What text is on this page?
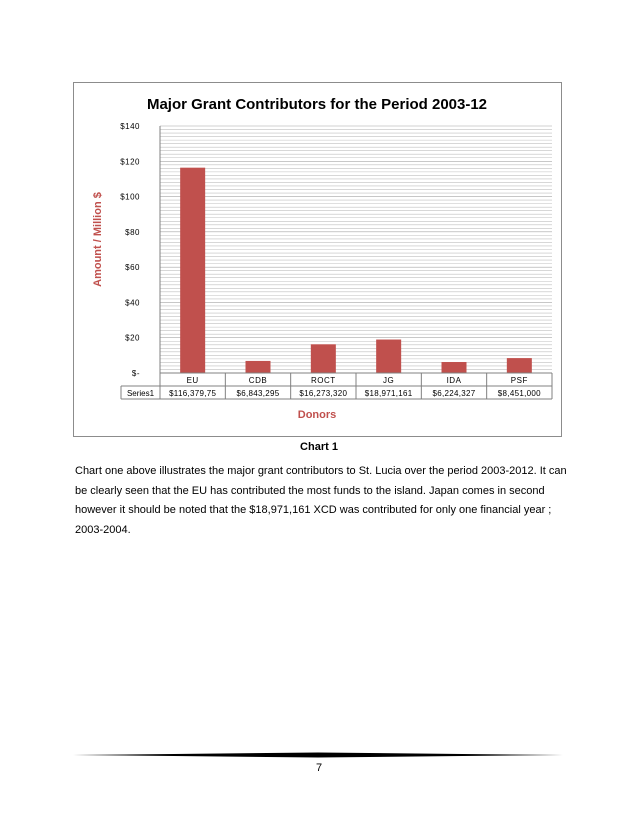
Major Grant Contributors for the Period 2003-12
$-
$20
$40
$60
$80
$100
$120
$140
Amount / Million $
EU	CDB	ROCT	JG	IDA	PSF
Series1 $116,379,75	$6,843,295 $16,273,320 $18,971,161 $6,224,327	$8,451,000
Donors
Chart 1

Chart one above illustrates the major grant contributors to St. Lucia over the period 2003-2012. It can be clearly seen that the EU has contributed the most funds to the island. Japan comes in second however it should be noted that the $18,971,161 XCD was contributed for only one financial year ; 2003-2004.

7
